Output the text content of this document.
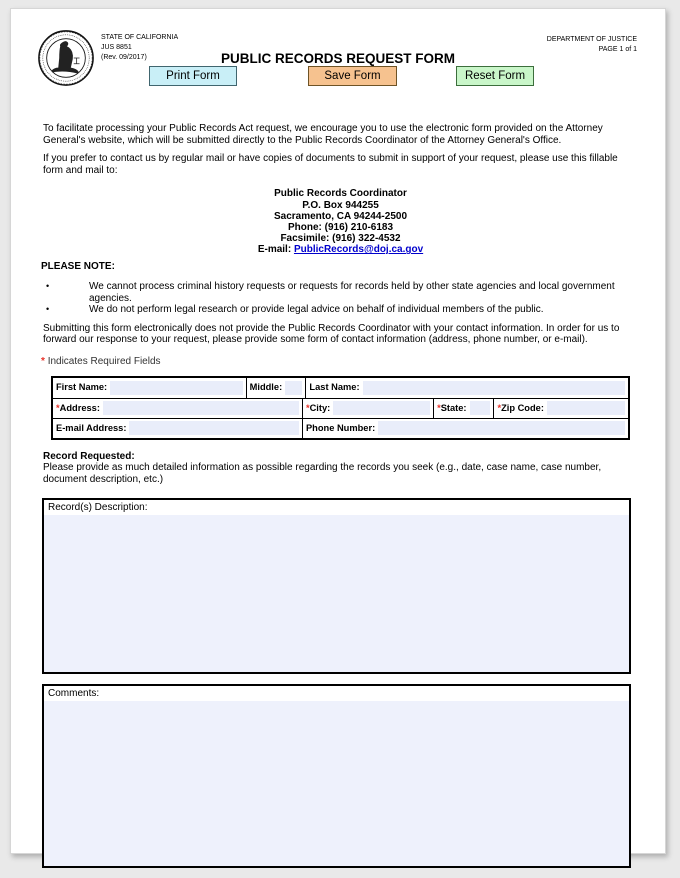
STATE OF CALIFORNIA
JUS 8851
(Rev. 09/2017)
DEPARTMENT OF JUSTICE
PAGE 1 of 1
PUBLIC RECORDS REQUEST FORM
Print Form	Save Form	Reset Form

To facilitate processing your Public Records Act request, we encourage you to use the electronic form provided on the Attorney General's website, which will be submitted directly to the Public Records Coordinator of the Attorney General's Office.

If you prefer to contact us by regular mail or have copies of documents to submit in support of your request, please use this fillable form and mail to:

Public Records Coordinator
P.O. Box 944255
Sacramento, CA 94244-2500
Phone: (916) 210-6183
Facsimile: (916) 322-4532
E-mail: PublicRecords@doj.ca.gov
PLEASE NOTE:
•	We cannot process criminal history requests or requests for records held by other state agencies and local government agencies.
•	We do not perform legal research or provide legal advice on behalf of individual members of the public.

Submitting this form electronically does not provide the Public Records Coordinator with your contact information. In order for us to forward our response to your request, please provide some form of contact information (address, phone number, or e-mail).

* Indicates Required Fields
First Name:	Middle:	Last Name:
*Address:	*City:	*State:	*Zip Code:
E-mail Address:	Phone Number:
Record Requested:
Please provide as much detailed information as possible regarding the records you seek (e.g., date, case name, case number, document description, etc.)
Record(s) Description:
Comments:
